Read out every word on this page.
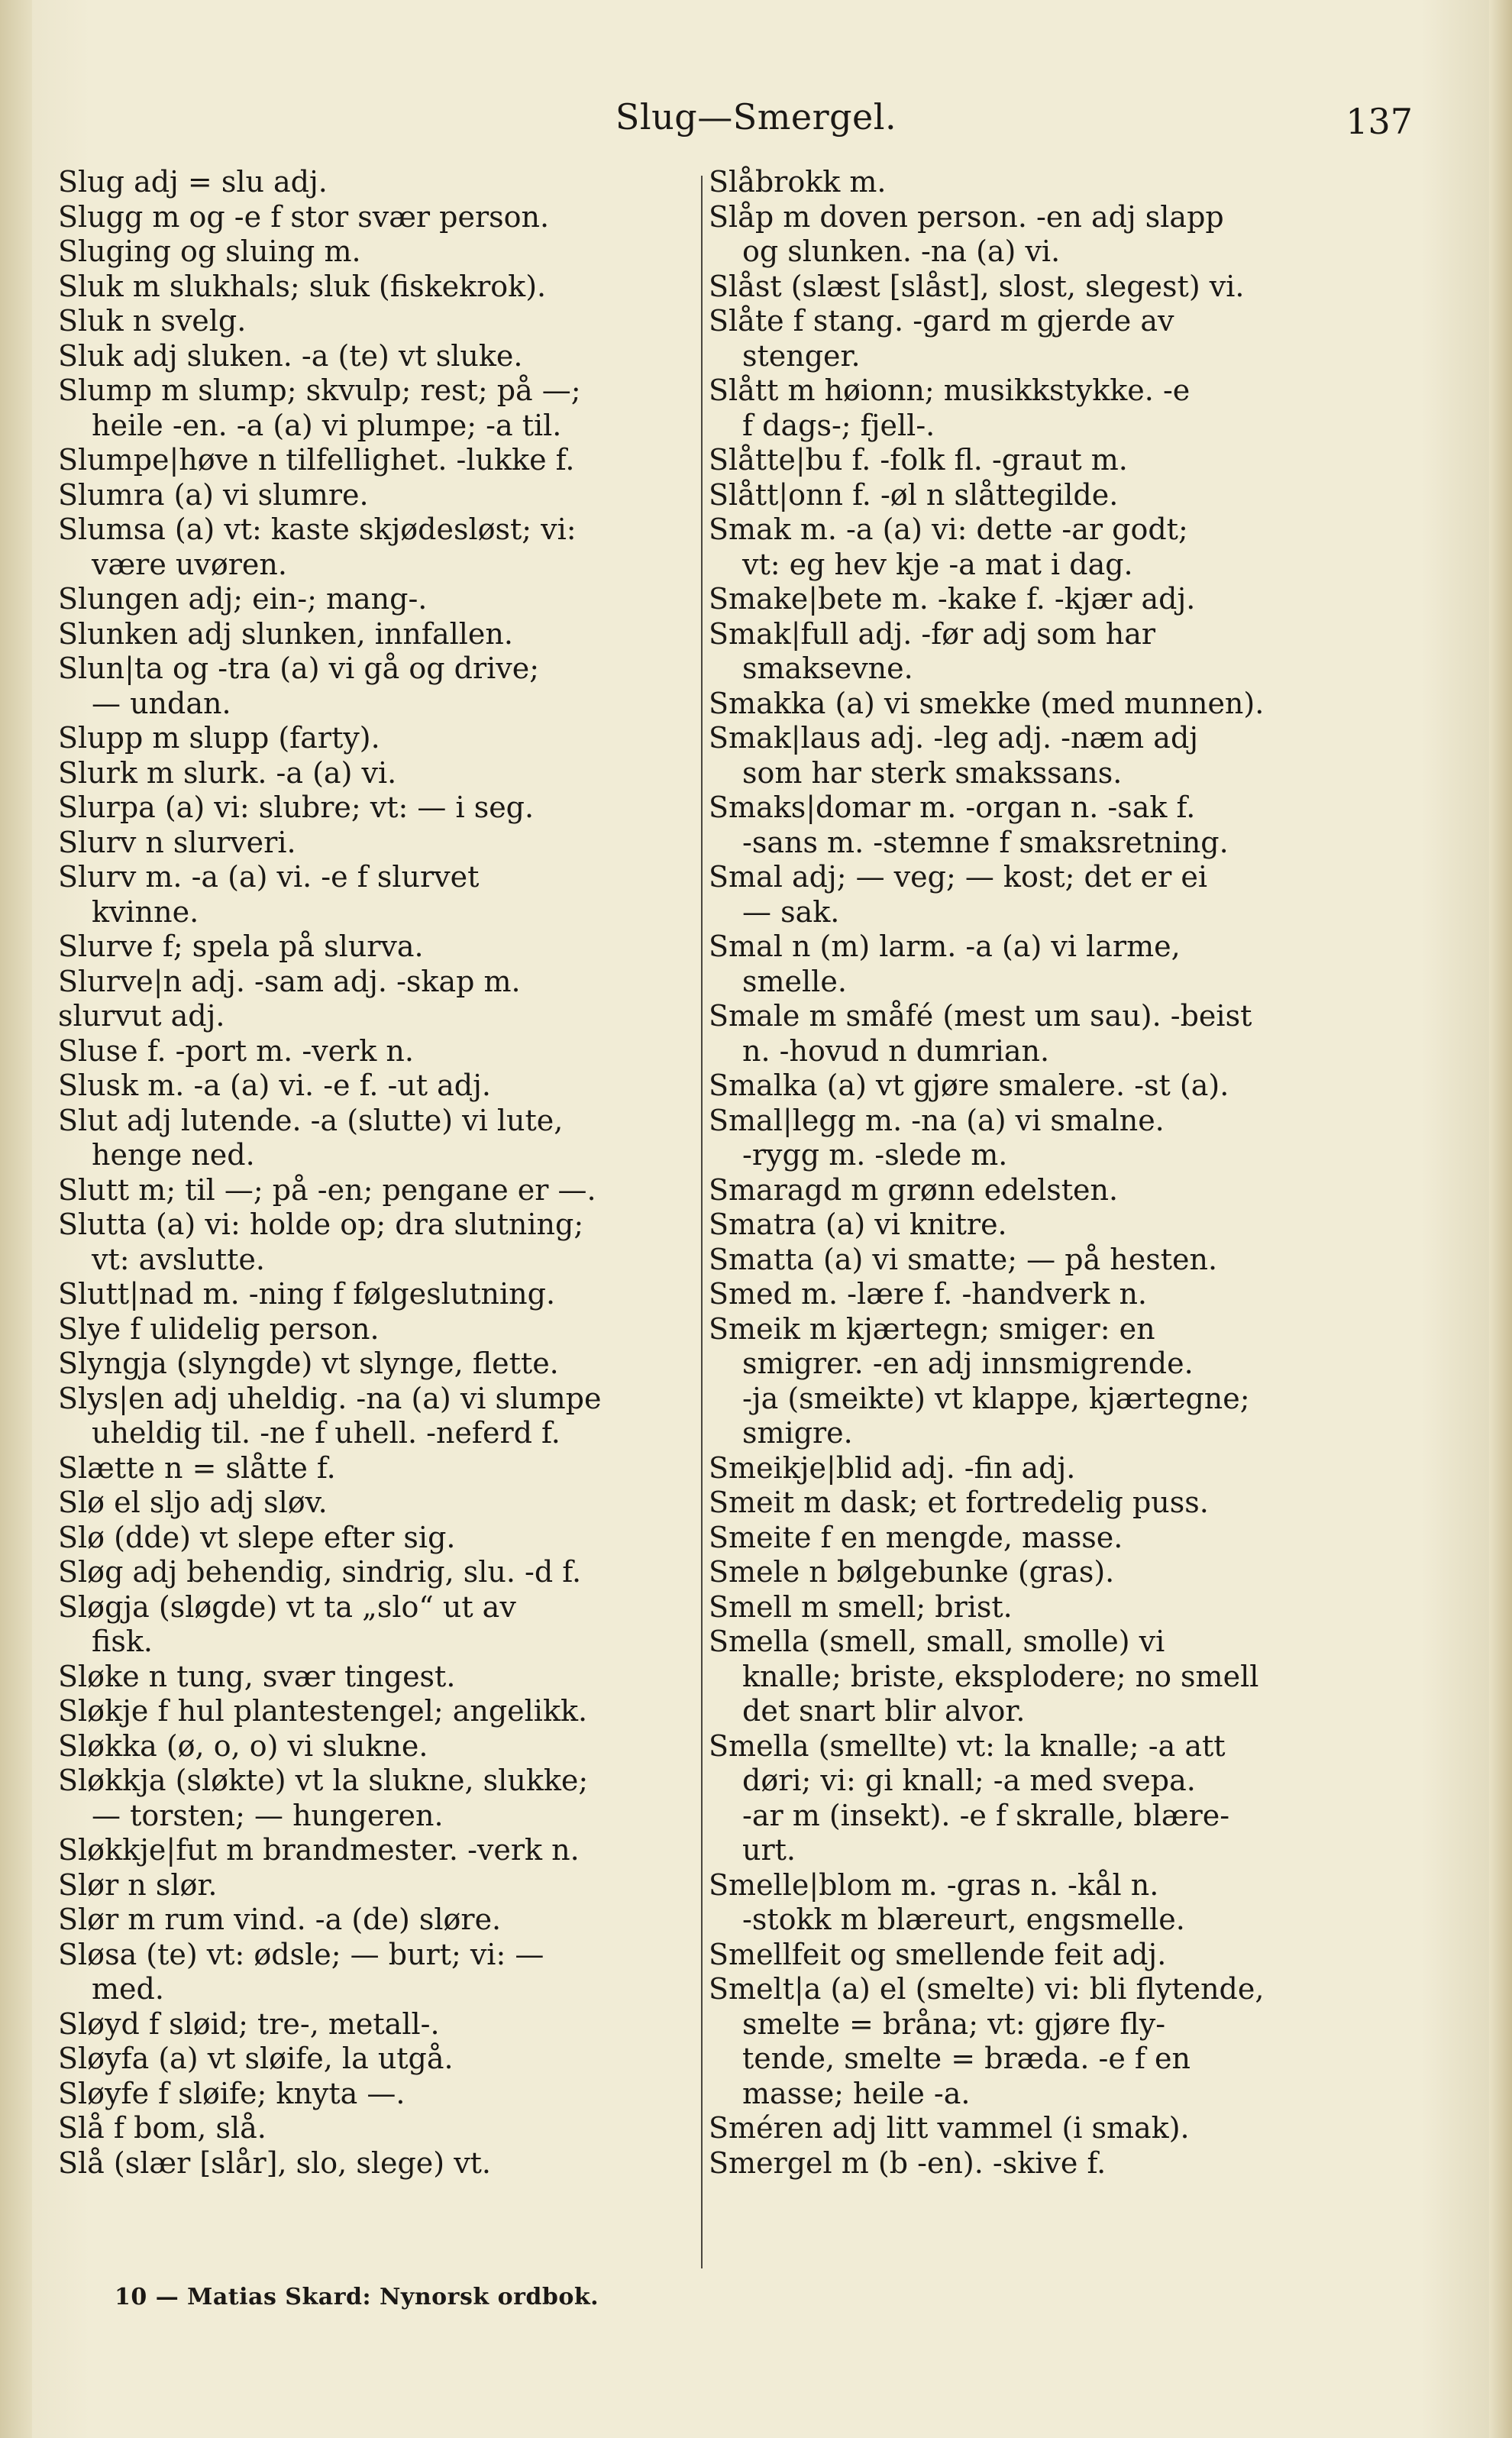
Slug—Smergel.	137
Slug adj = slu adj.
Slugg m og -e f stor svær person.
Sluging og sluing m.
Sluk m slukhals; sluk (fiskekrok).
Sluk n svelg.
Sluk adj sluken. -a (te) vt sluke.
Slump m slump; skvulp; rest; på —;
heile -en. -a (a) vi plumpe; -a til.
Slumpe|høve n tilfellighet. -lukke f.
Slumra (a) vi slumre.
Slumsa (a) vt: kaste skjødesløst; vi:
være uvøren.
Slungen adj; ein-; mang-.
Slunken adj slunken, innfallen.
Slun|ta og -tra (a) vi gå og drive;
— undan.
Slupp m slupp (farty).
Slurk m slurk. -a (a) vi.
Slurpa (a) vi: slubre; vt: — i seg.
Slurv n slurveri.
Slurv m. -a (a) vi. -e f slurvet
kvinne.
Slurve f; spela på slurva.
Slurve|n adj. -sam adj. -skap m.
slurvut adj.
Sluse f. -port m. -verk n.
Slusk m. -a (a) vi. -e f. -ut adj.
Slut adj lutende. -a (slutte) vi lute,
henge ned.
Slutt m; til —; på -en; pengane er —.
Slutta (a) vi: holde op; dra slutning;
vt: avslutte.
Slutt|nad m. -ning f følgeslutning.
Slye f ulidelig person.
Slyngja (slyngde) vt slynge, flette.
Slys|en adj uheldig. -na (a) vi slumpe
uheldig til. -ne f uhell. -neferd f.
Slætte n = slåtte f.
Slø el sljo adj sløv.
Slø (dde) vt slepe efter sig.
Sløg adj behendig, sindrig, slu. -d f.
Sløgja (sløgde) vt ta „slo“ ut av
fisk.
Sløke n tung, svær tingest.
Sløkje f hul plantestengel; angelikk.
Sløkka (ø, o, o) vi slukne.
Sløkkja (sløkte) vt la slukne, slukke;
— torsten; — hungeren.
Sløkkje|fut m brandmester. -verk n.
Slør n slør.
Slør m rum vind. -a (de) sløre.
Sløsa (te) vt: ødsle; — burt; vi: —
med.
Sløyd f sløid; tre-, metall-.
Sløyfa (a) vt sløife, la utgå.
Sløyfe f sløife; knyta —.
Slå f bom, slå.
Slå (slær [slår], slo, slege) vt.
Slåbrokk m.
Slåp m doven person. -en adj slapp
og slunken. -na (a) vi.
Slåst (slæst [slåst], slost, slegest) vi.
Slåte f stang. -gard m gjerde av
stenger.
Slått m høionn; musikkstykke. -e
f dags-; fjell-.
Slåtte|bu f. -folk fl. -graut m.
Slått|onn f. -øl n slåttegilde.
Smak m. -a (a) vi: dette -ar godt;
vt: eg hev kje -a mat i dag.
Smake|bete m. -kake f. -kjær adj.
Smak|full adj. -før adj som har
smaksevne.
Smakka (a) vi smekke (med munnen).
Smak|laus adj. -leg adj. -næm adj
som har sterk smakssans.
Smaks|domar m. -organ n. -sak f.
-sans m. -stemne f smaksretning.
Smal adj; — veg; — kost; det er ei
— sak.
Smal n (m) larm. -a (a) vi larme,
smelle.
Smale m småfé (mest um sau). -beist
n. -hovud n dumrian.
Smalka (a) vt gjøre smalere. -st (a).
Smal|legg m. -na (a) vi smalne.
-rygg m. -slede m.
Smaragd m grønn edelsten.
Smatra (a) vi knitre.
Smatta (a) vi smatte; — på hesten.
Smed m. -lære f. -handverk n.
Smeik m kjærtegn; smiger: en
smigrer. -en adj innsmigrende.
-ja (smeikte) vt klappe, kjærtegne;
smigre.
Smeikje|blid adj. -fin adj.
Smeit m dask; et fortredelig puss.
Smeite f en mengde, masse.
Smele n bølgebunke (gras).
Smell m smell; brist.
Smella (smell, small, smolle) vi
knalle; briste, eksplodere; no smell
det snart blir alvor.
Smella (smellte) vt: la knalle; -a att
døri; vi: gi knall; -a med svepa.
-ar m (insekt). -e f skralle, blære-
urt.
Smelle|blom m. -gras n. -kål n.
-stokk m blæreurt, engsmelle.
Smellfeit og smellende feit adj.
Smelt|a (a) el (smelte) vi: bli flytende,
smelte = bråna; vt: gjøre fly-
tende, smelte = bræda. -e f en
masse; heile -a.
Sméren adj litt vammel (i smak).
Smergel m (b -en). -skive f.
10 — Matias Skard: Nynorsk ordbok.
